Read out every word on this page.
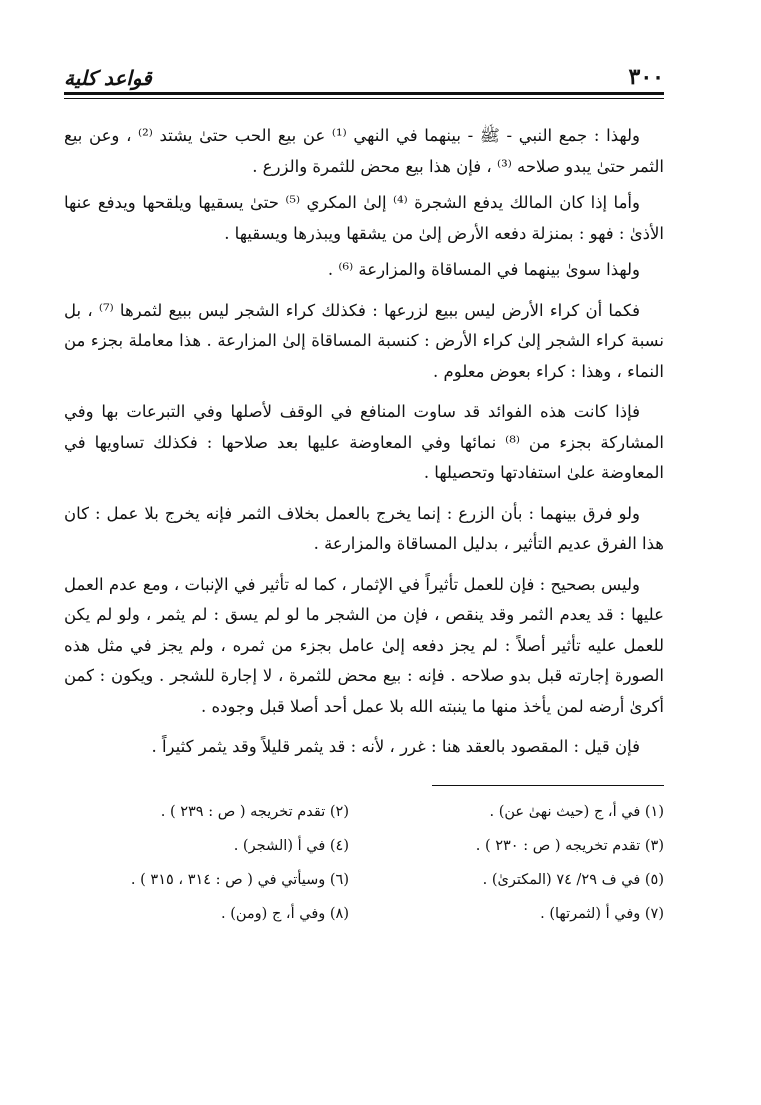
٣٠٠
قواعد كلية

ولهذا : جمع النبي - ﷺ - بينهما في النهي ⁽¹⁾ عن بيع الحب حتىٰ يشتد ⁽²⁾ ، وعن بيع الثمر حتىٰ يبدو صلاحه ⁽³⁾ ، فإن هذا بيع محض للثمرة والزرع .

وأما إذا كان المالك يدفع الشجرة ⁽⁴⁾ إلىٰ المكري ⁽⁵⁾ حتىٰ يسقيها ويلقحها ويدفع عنها الأذىٰ : فهو : بمنزلة دفعه الأرض إلىٰ من يشقها ويبذرها ويسقيها .

ولهذا سوىٰ بينهما في المساقاة والمزارعة ⁽⁶⁾ .

فكما أن كراء الأرض ليس ببيع لزرعها : فكذلك كراء الشجر ليس ببيع لثمرها ⁽⁷⁾ ، بل نسبة كراء الشجر إلىٰ كراء الأرض : كنسبة المساقاة إلىٰ المزارعة . هذا معاملة بجزء من النماء ، وهذا : كراء بعوض معلوم .

فإذا كانت هذه الفوائد قد ساوت المنافع في الوقف لأصلها وفي التبرعات بها وفي المشاركة بجزء من ⁽⁸⁾ نمائها وفي المعاوضة عليها بعد صلاحها : فكذلك تساويها في المعاوضة علىٰ استفادتها وتحصيلها .

ولو فرق بينهما : بأن الزرع : إنما يخرج بالعمل بخلاف الثمر فإنه يخرج بلا عمل : كان هذا الفرق عديم التأثير ، بدليل المساقاة والمزارعة .

وليس بصحيح : فإن للعمل تأثيراً في الإثمار ، كما له تأثير في الإنبات ، ومع عدم العمل عليها : قد يعدم الثمر وقد ينقص ، فإن من الشجر ما لو لم يسق : لم يثمر ، ولو لم يكن للعمل عليه تأثير أصلاً : لم يجز دفعه إلىٰ عامل بجزء من ثمره ، ولم يجز في مثل هذه الصورة إجارته قبل بدو صلاحه . فإنه : بيع محض للثمرة ، لا إجارة للشجر . ويكون : كمن أكرىٰ أرضه لمن يأخذ منها ما ينبته الله بلا عمل أحد أصلا قبل وجوده .

فإن قيل : المقصود بالعقد هنا : غرر ، لأنه : قد يثمر قليلاً وقد يثمر كثيراً .

(١) في أ، ج (حيث نهىٰ عن) .
(٢) تقدم تخريجه ( ص : ٢٣٩ ) .
(٣) تقدم تخريجه ( ص : ٢٣٠ ) .
(٤) في أ (الشجر) .
(٥) في ف ٢٩/ ٧٤ (المكترىٰ) .
(٦) وسيأتي في ( ص : ٣١٤ ، ٣١٥ ) .
(٧) وفي أ (لثمرتها) .
(٨) وفي أ، ج (ومن) .
